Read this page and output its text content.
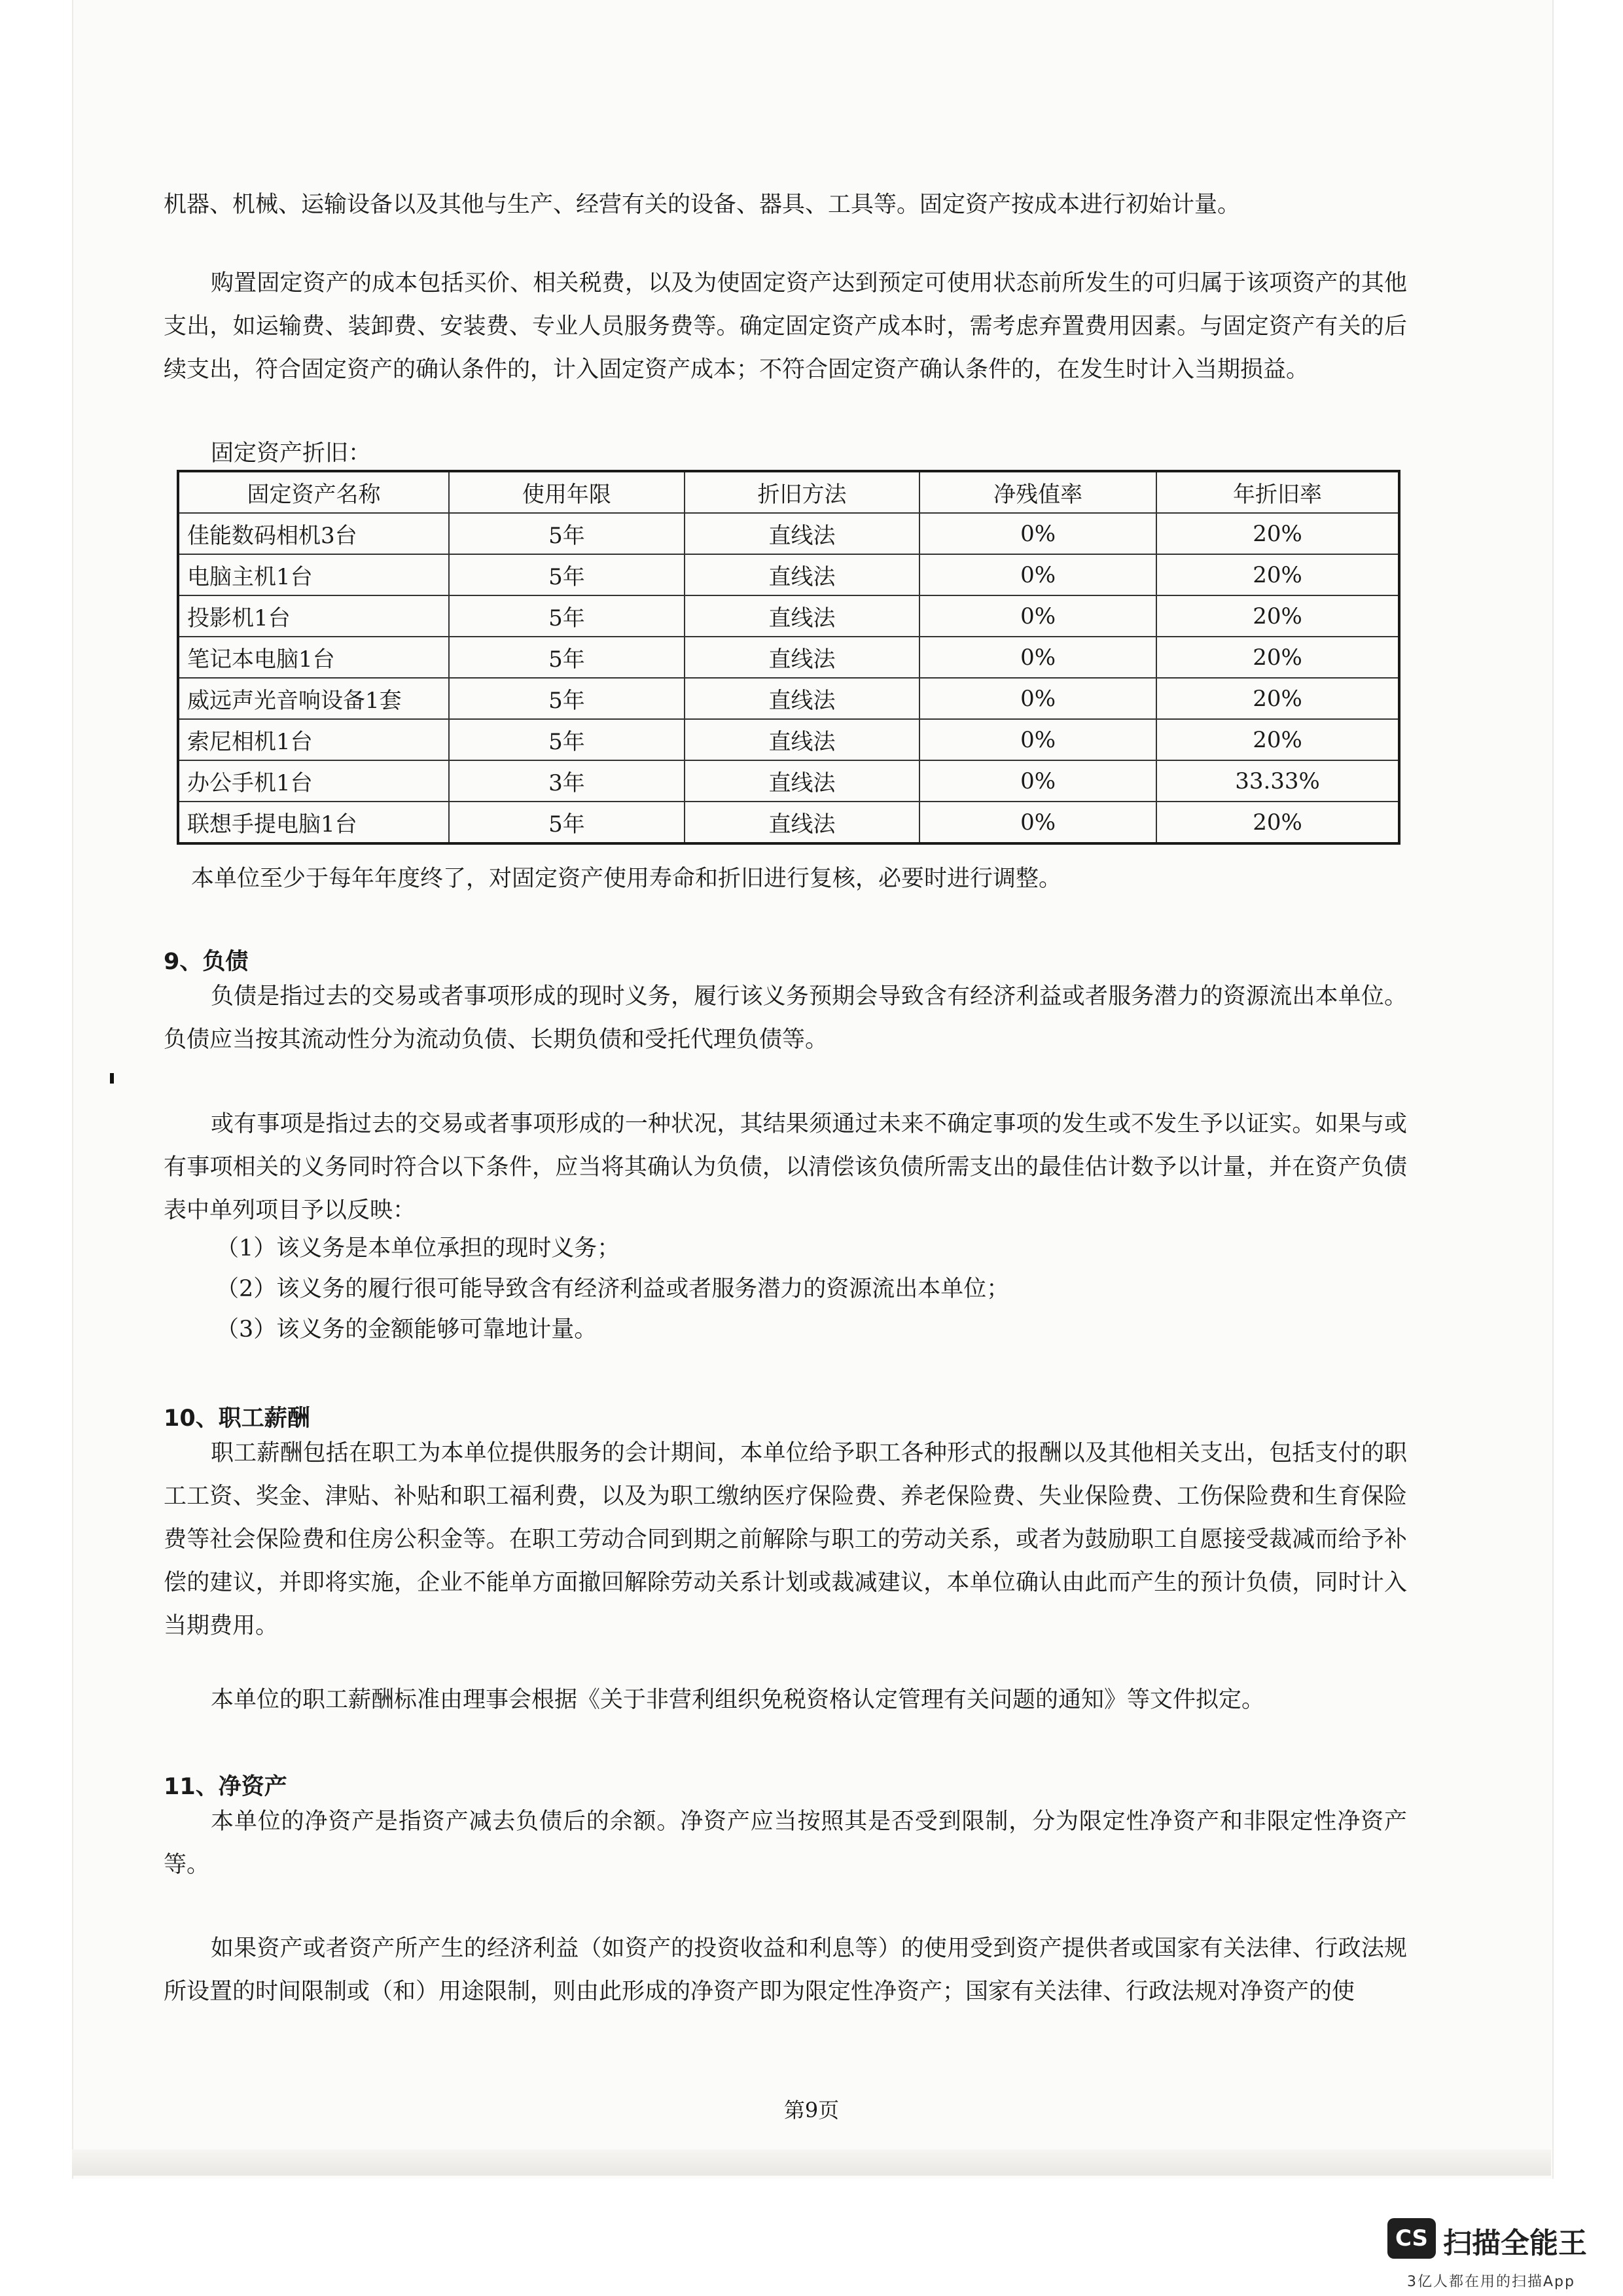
机器、机械、运输设备以及其他与生产、经营有关的设备、器具、工具等。固定资产按成本进行初始计量。

购置固定资产的成本包括买价、相关税费，以及为使固定资产达到预定可使用状态前所发生的可归属于该项资产的其他支出，如运输费、装卸费、安装费、专业人员服务费等。确定固定资产成本时，需考虑弃置费用因素。与固定资产有关的后续支出，符合固定资产的确认条件的，计入固定资产成本；不符合固定资产确认条件的，在发生时计入当期损益。

固定资产折旧：

固定资产名称	使用年限	折旧方法	净残值率	年折旧率
佳能数码相机3台	5年	直线法	0%	20%
电脑主机1台	5年	直线法	0%	20%
投影机1台	5年	直线法	0%	20%
笔记本电脑1台	5年	直线法	0%	20%
威远声光音响设备1套	5年	直线法	0%	20%
索尼相机1台	5年	直线法	0%	20%
办公手机1台	3年	直线法	0%	33.33%
联想手提电脑1台	5年	直线法	0%	20%

本单位至少于每年年度终了，对固定资产使用寿命和折旧进行复核，必要时进行调整。

9、负债

负债是指过去的交易或者事项形成的现时义务，履行该义务预期会导致含有经济利益或者服务潜力的资源流出本单位。负债应当按其流动性分为流动负债、长期负债和受托代理负债等。

或有事项是指过去的交易或者事项形成的一种状况，其结果须通过未来不确定事项的发生或不发生予以证实。如果与或有事项相关的义务同时符合以下条件，应当将其确认为负债，以清偿该负债所需支出的最佳估计数予以计量，并在资产负债表中单列项目予以反映：

（1）该义务是本单位承担的现时义务；

（2）该义务的履行很可能导致含有经济利益或者服务潜力的资源流出本单位；

（3）该义务的金额能够可靠地计量。

10、职工薪酬

职工薪酬包括在职工为本单位提供服务的会计期间，本单位给予职工各种形式的报酬以及其他相关支出，包括支付的职工工资、奖金、津贴、补贴和职工福利费，以及为职工缴纳医疗保险费、养老保险费、失业保险费、工伤保险费和生育保险费等社会保险费和住房公积金等。在职工劳动合同到期之前解除与职工的劳动关系，或者为鼓励职工自愿接受裁减而给予补偿的建议，并即将实施，企业不能单方面撤回解除劳动关系计划或裁减建议，本单位确认由此而产生的预计负债，同时计入当期费用。

本单位的职工薪酬标准由理事会根据《关于非营利组织免税资格认定管理有关问题的通知》等文件拟定。

11、净资产

本单位的净资产是指资产减去负债后的余额。净资产应当按照其是否受到限制，分为限定性净资产和非限定性净资产等。

如果资产或者资产所产生的经济利益（如资产的投资收益和利息等）的使用受到资产提供者或国家有关法律、行政法规所设置的时间限制或（和）用途限制，则由此形成的净资产即为限定性净资产；国家有关法律、行政法规对净资产的使

第9页
CS 扫描全能王
3亿人都在用的扫描App
